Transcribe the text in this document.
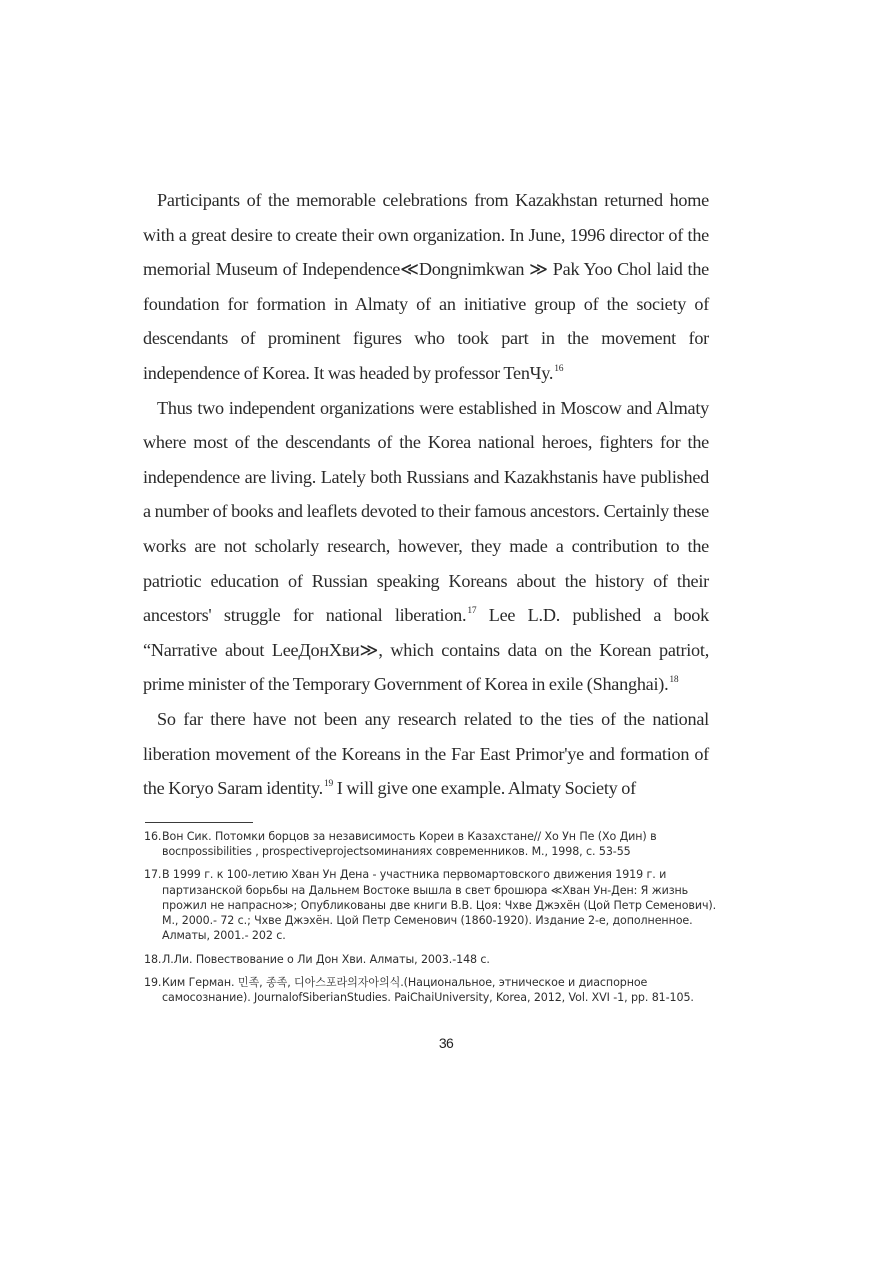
Participants of the memorable celebrations from Kazakhstan returned home with a great desire to create their own organization. In June, 1996 director of the memorial Museum of Independence≪Dongnimkwan ≫ Pak Yoo Chol laid the foundation for formation in Almaty of an initiative group of the society of descendants of prominent figures who took part in the movement for independence of Korea. It was headed by professor TenЧy.$^{16}$

Thus two independent organizations were established in Moscow and Almaty where most of the descendants of the Korea national heroes, fighters for the independence are living. Lately both Russians and Kazakhstanis have published a number of books and leaflets devoted to their famous ancestors. Certainly these works are not scholarly research, however, they made a contribution to the patriotic education of Russian speaking Koreans about the history of their ancestors' struggle for national liberation.$^{17}$ Lee L.D. published a book “Narrative about LeeДонХви≫, which contains data on the Korean patriot, prime minister of the Temporary Government of Korea in exile (Shanghai).$^{18}$

So far there have not been any research related to the ties of the national liberation movement of the Koreans in the Far East Primor'ye and formation of the Koryo Saram identity.$^{19}$ I will give one example. Almaty Society of

16. Вон Сик. Потомки борцов за независимость Кореи в Казахстане// Хо Ун Пе (Хо Дин) в воспpossibilities , prospectiveprojectsоминаниях современников. М., 1998, с. 53-55
17. В 1999 г. к 100-летию Хван Ун Дена - участника первомартовского движения 1919 г. и партизанской борьбы на Дальнем Востоке вышла в свет брошюра ≪Хван Ун-Ден: Я жизнь прожил не напрасно≫; Опубликованы две книги В.В. Цоя: Чхве Джэхён (Цой Петр Семенович). М., 2000.- 72 с.; Чхве Джэхён. Цой Петр Семенович (1860-1920). Издание 2-е, дополненное. Алматы, 2001.- 202 с.
18. Л.Ли. Повествование о Ли Дон Хви. Алматы, 2003.-148 с.
19. Ким Герман. 민족, 종족, 디아스포라의자아의식.(Национальное, этническое и диаспорное самосознание). JournalofSiberianStudies. PaiChaiUniversity, Korea, 2012, Vol. XVI -1, pp. 81-105.
36
